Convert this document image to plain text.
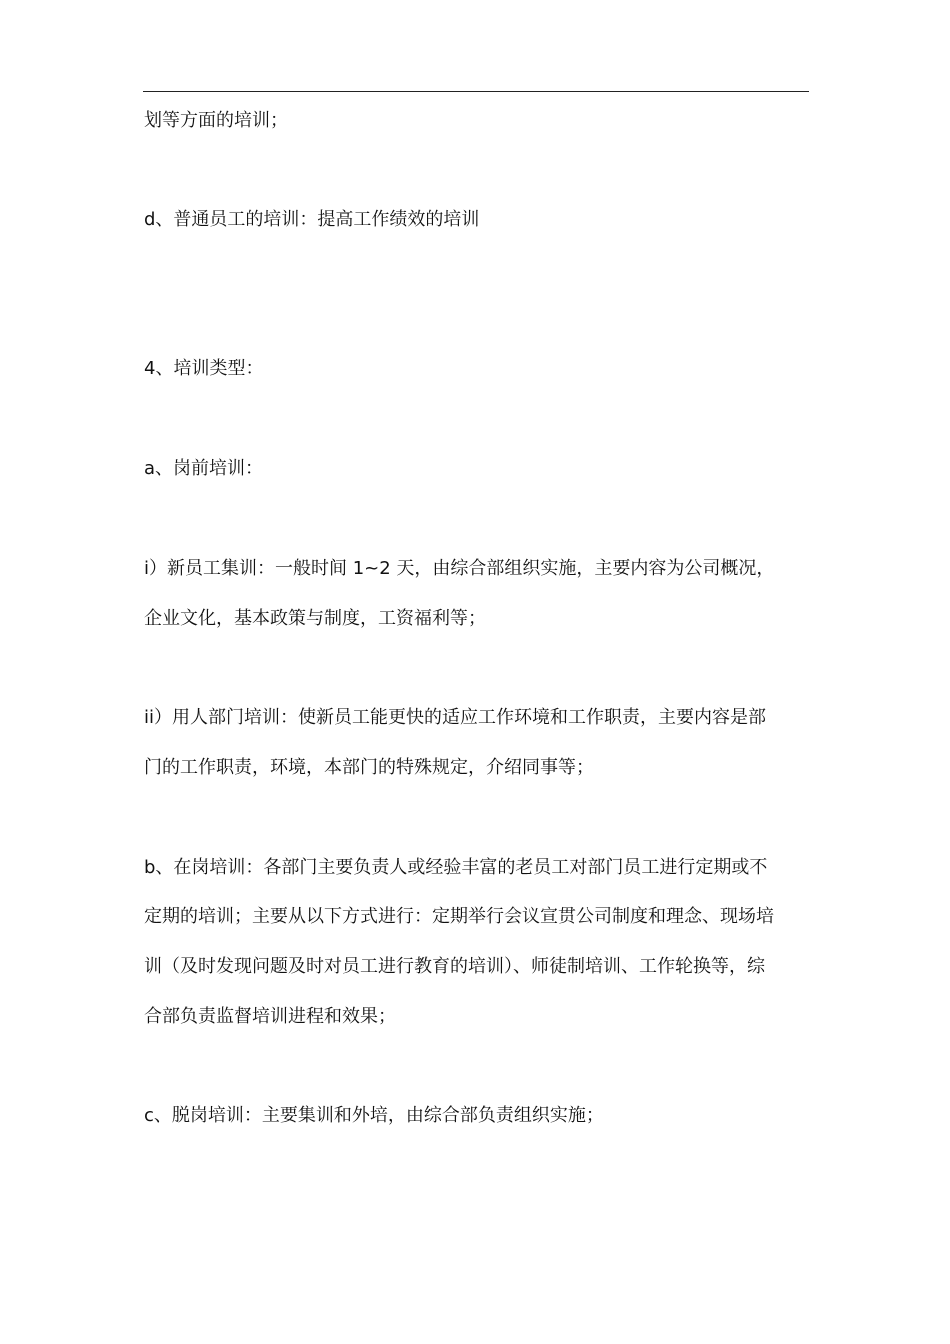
划等方面的培训；
d、普通员工的培训：提高工作绩效的培训
4、培训类型：
a、岗前培训：
i）新员工集训：一般时间 1~2 天，由综合部组织实施，主要内容为公司概况，
企业文化，基本政策与制度，工资福利等；
ii）用人部门培训：使新员工能更快的适应工作环境和工作职责，主要内容是部
门的工作职责，环境，本部门的特殊规定，介绍同事等；
b、在岗培训：各部门主要负责人或经验丰富的老员工对部门员工进行定期或不
定期的培训；主要从以下方式进行：定期举行会议宣贯公司制度和理念、现场培
训（及时发现问题及时对员工进行教育的培训）、师徒制培训、工作轮换等，综
合部负责监督培训进程和效果；
c、脱岗培训：主要集训和外培，由综合部负责组织实施；
